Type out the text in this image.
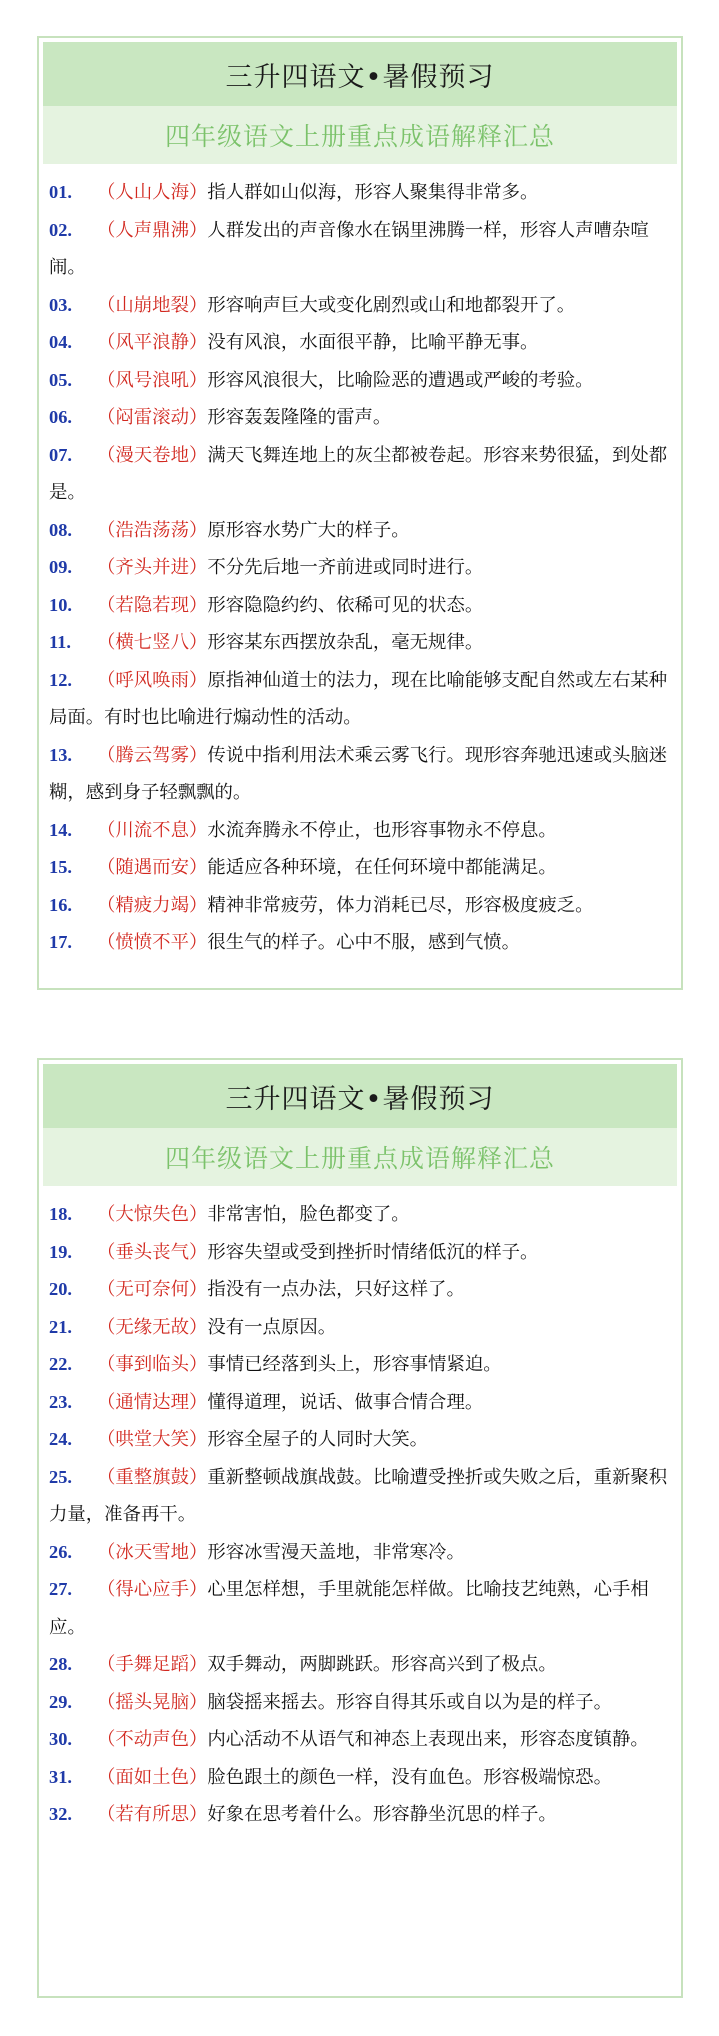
三升四语文•暑假预习
四年级语文上册重点成语解释汇总
01. （人山人海）指人群如山似海，形容人聚集得非常多。
02. （人声鼎沸）人群发出的声音像水在锅里沸腾一样，形容人声嘈杂喧闹。
03. （山崩地裂）形容响声巨大或变化剧烈或山和地都裂开了。
04. （风平浪静）没有风浪，水面很平静，比喻平静无事。
05. （风号浪吼）形容风浪很大，比喻险恶的遭遇或严峻的考验。
06. （闷雷滚动）形容轰轰隆隆的雷声。
07. （漫天卷地）满天飞舞连地上的灰尘都被卷起。形容来势很猛，到处都是。
08. （浩浩荡荡）原形容水势广大的样子。
09. （齐头并进）不分先后地一齐前进或同时进行。
10. （若隐若现）形容隐隐约约、依稀可见的状态。
11. （横七竖八）形容某东西摆放杂乱，毫无规律。
12. （呼风唤雨）原指神仙道士的法力，现在比喻能够支配自然或左右某种局面。有时也比喻进行煽动性的活动。
13. （腾云驾雾）传说中指利用法术乘云雾飞行。现形容奔驰迅速或头脑迷糊，感到身子轻飘飘的。
14. （川流不息）水流奔腾永不停止，也形容事物永不停息。
15. （随遇而安）能适应各种环境，在任何环境中都能满足。
16. （精疲力竭）精神非常疲劳，体力消耗已尽，形容极度疲乏。
17. （愤愤不平）很生气的样子。心中不服，感到气愤。
三升四语文•暑假预习
四年级语文上册重点成语解释汇总
18. （大惊失色）非常害怕，脸色都变了。
19. （垂头丧气）形容失望或受到挫折时情绪低沉的样子。
20. （无可奈何）指没有一点办法，只好这样了。
21. （无缘无故）没有一点原因。
22. （事到临头）事情已经落到头上，形容事情紧迫。
23. （通情达理）懂得道理，说话、做事合情合理。
24. （哄堂大笑）形容全屋子的人同时大笑。
25. （重整旗鼓）重新整顿战旗战鼓。比喻遭受挫折或失败之后，重新聚积力量，准备再干。
26. （冰天雪地）形容冰雪漫天盖地，非常寒冷。
27. （得心应手）心里怎样想，手里就能怎样做。比喻技艺纯熟，心手相应。
28. （手舞足蹈）双手舞动，两脚跳跃。形容高兴到了极点。
29. （摇头晃脑）脑袋摇来摇去。形容自得其乐或自以为是的样子。
30. （不动声色）内心活动不从语气和神态上表现出来，形容态度镇静。
31. （面如土色）脸色跟土的颜色一样，没有血色。形容极端惊恐。
32. （若有所思）好象在思考着什么。形容静坐沉思的样子。
